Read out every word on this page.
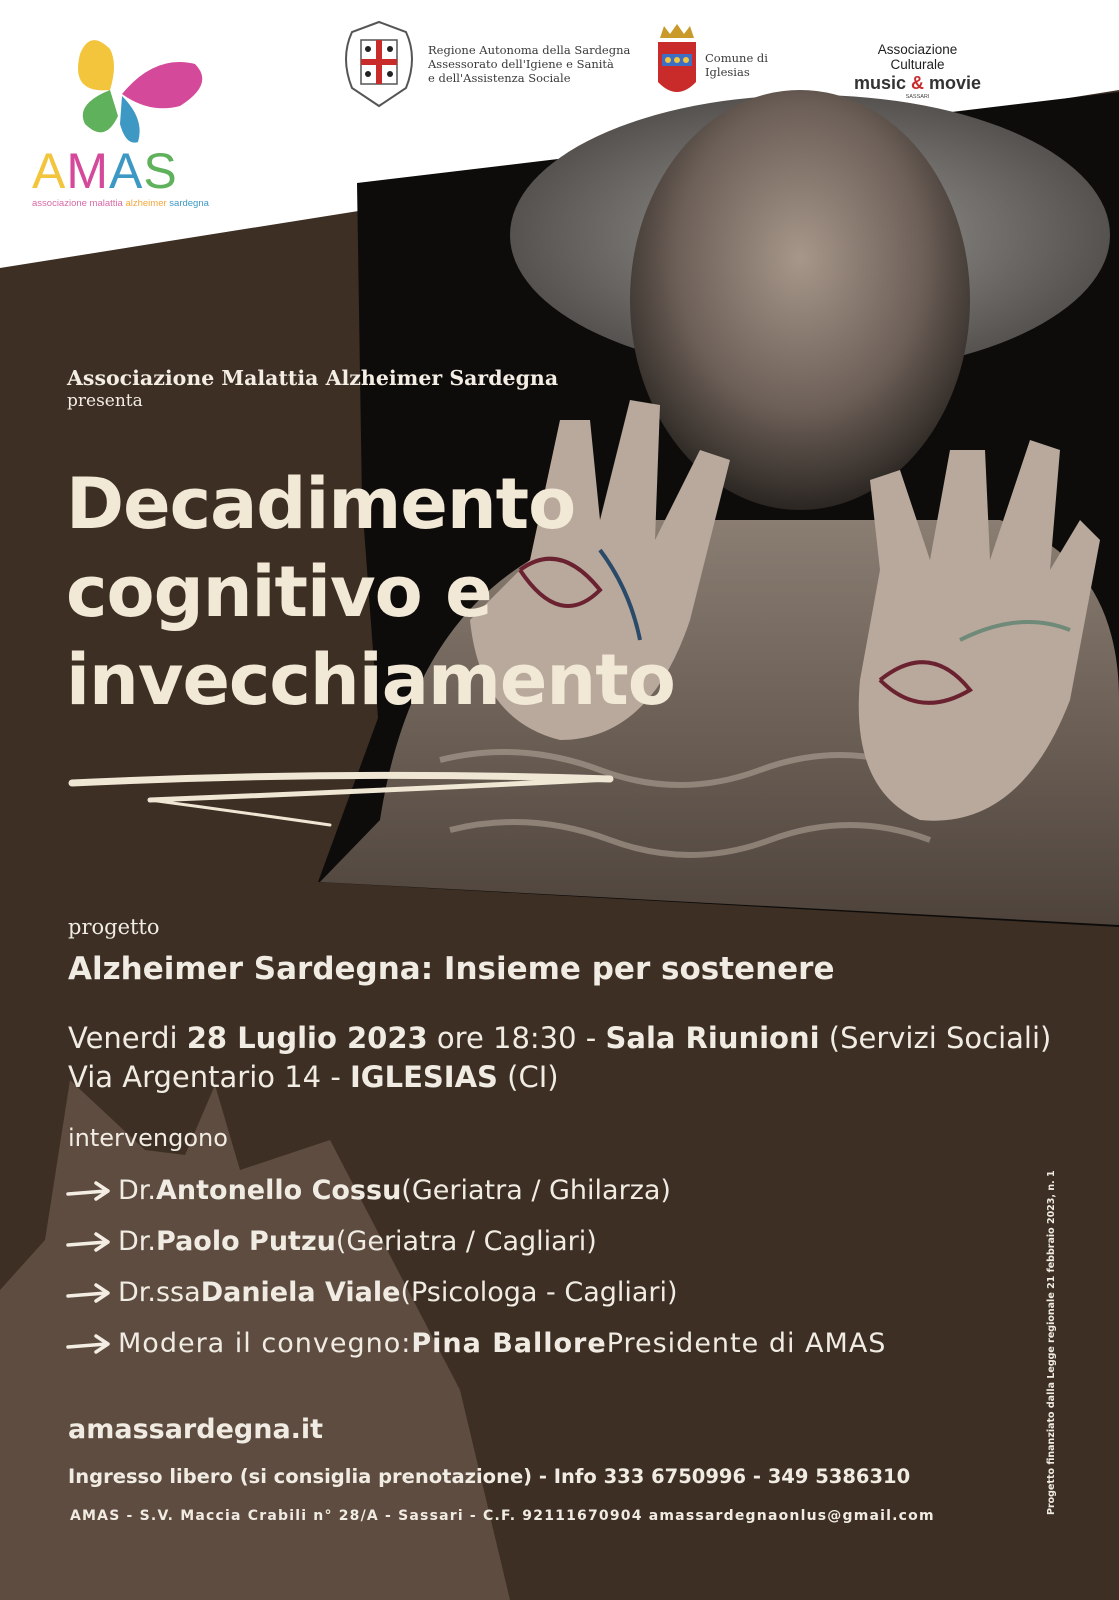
AMAS
associazione malattia alzheimer sardegna
Regione Autonoma della Sardegna
Assessorato dell'Igiene e Sanità
e dell'Assistenza Sociale
Comune di
Iglesias
Associazione Culturale
music & movie
SASSARI
Associazione Malattia Alzheimer Sardegna
presenta
Decadimento
cognitivo e
invecchiamento
progetto
Alzheimer Sardegna: Insieme per sostenere
Venerdi 28 Luglio 2023 ore 18:30 - Sala Riunioni (Servizi Sociali)
Via Argentario 14 - IGLESIAS (CI)
intervengono
Dr. Antonello Cossu (Geriatra / Ghilarza)
Dr. Paolo Putzu (Geriatra / Cagliari)
Dr.ssa Daniela Viale (Psicologa - Cagliari)
Modera il convegno: Pina Ballore Presidente di AMAS
amassardegna.it
Ingresso libero (si consiglia prenotazione) - Info 333 6750996 - 349 5386310
AMAS - S.V. Maccia Crabili n° 28/A - Sassari - C.F. 92111670904 amassardegnaonlus@gmail.com
Progetto finanziato dalla Legge regionale 21 febbraio 2023, n. 1
